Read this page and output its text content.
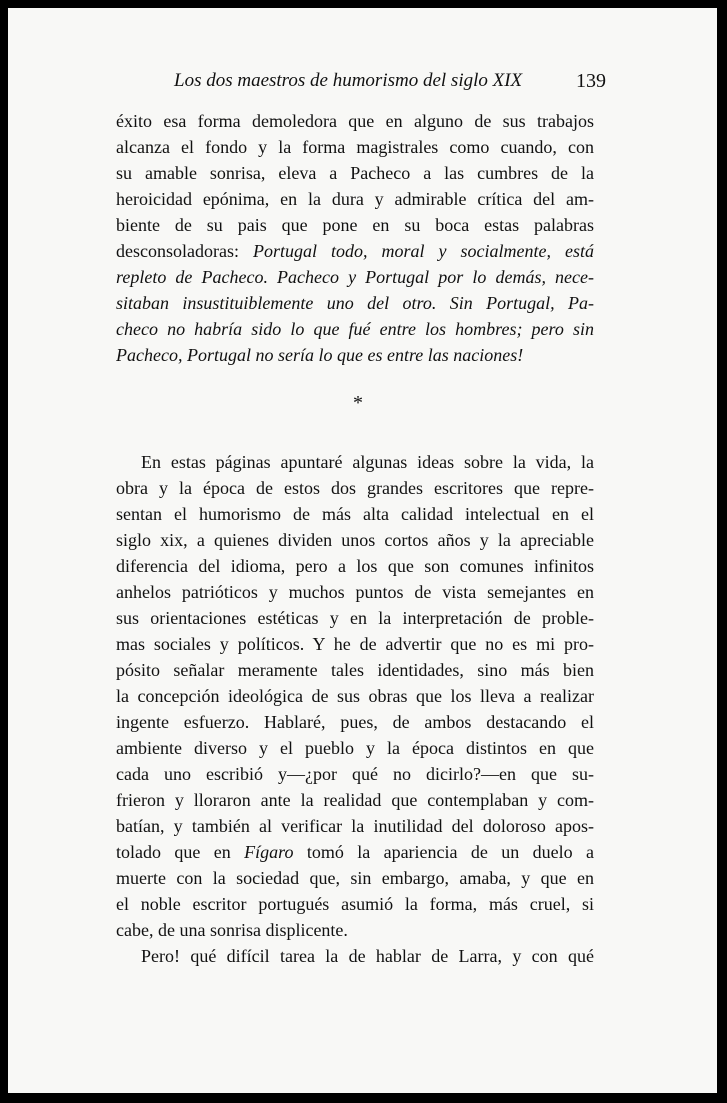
Los dos maestros de humorismo del siglo XIX	139
éxito esa forma demoledora que en alguno de sus trabajos
alcanza el fondo y la forma magistrales como cuando, con
su amable sonrisa, eleva a Pacheco a las cumbres de la
heroicidad epónima, en la dura y admirable crítica del am-
biente de su pais que pone en su boca estas palabras
desconsoladoras: Portugal todo, moral y socialmente, está
repleto de Pacheco. Pacheco y Portugal por lo demás, nece-
sitaban insustituiblemente uno del otro. Sin Portugal, Pa-
checo no habría sido lo que fué entre los hombres; pero sin
Pacheco, Portugal no sería lo que es entre las naciones!
*
En estas páginas apuntaré algunas ideas sobre la vida, la
obra y la época de estos dos grandes escritores que repre-
sentan el humorismo de más alta calidad intelectual en el
siglo xix, a quienes dividen unos cortos años y la apreciable
diferencia del idioma, pero a los que son comunes infinitos
anhelos patrióticos y muchos puntos de vista semejantes en
sus orientaciones estéticas y en la interpretación de proble-
mas sociales y políticos. Y he de advertir que no es mi pro-
pósito señalar meramente tales identidades, sino más bien
la concepción ideológica de sus obras que los lleva a realizar
ingente esfuerzo. Hablaré, pues, de ambos destacando el
ambiente diverso y el pueblo y la época distintos en que
cada uno escribió y—¿por qué no dicirlo?—en que su-
frieron y lloraron ante la realidad que contemplaban y com-
batían, y también al verificar la inutilidad del doloroso apos-
tolado que en Fígaro tomó la apariencia de un duelo a
muerte con la sociedad que, sin embargo, amaba, y que en
el noble escritor portugués asumió la forma, más cruel, si
cabe, de una sonrisa displicente.
Pero! qué difícil tarea la de hablar de Larra, y con qué
